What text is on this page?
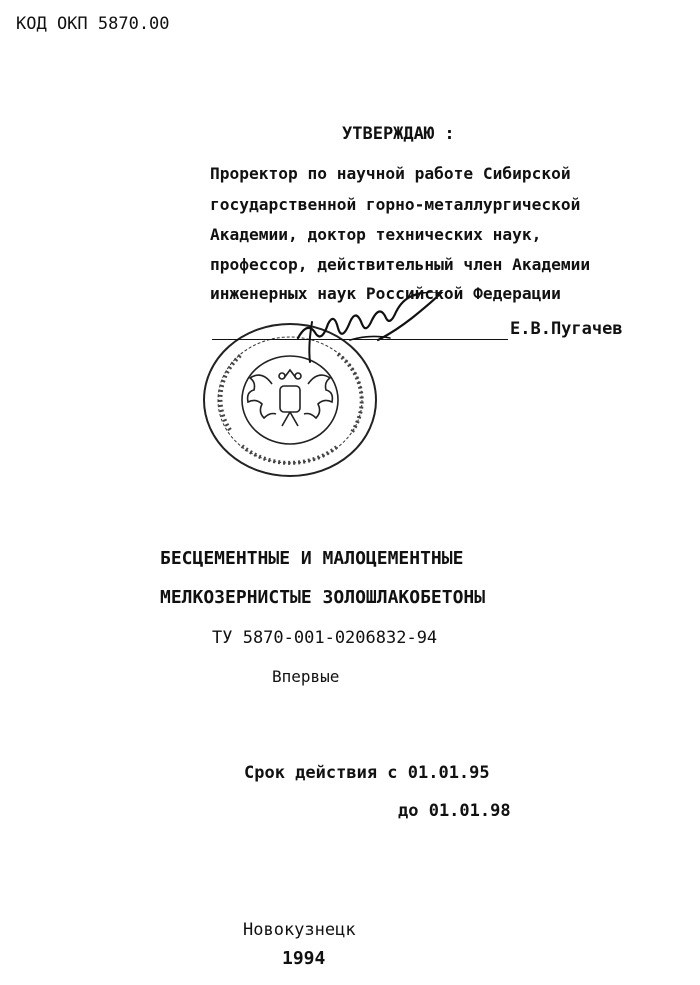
КОД ОКП 5870.00
УТВЕРЖДАЮ :
Проректор по научной работе Сибирской
государственной горно-металлургической
Академии, доктор технических наук,
профессор, действительный член Академии
инженерных наук Российской Федерации
Е.В.Пугачев
БЕСЦЕМЕНТНЫЕ И МАЛОЦЕМЕНТНЫЕ
МЕЛКОЗЕРНИСТЫЕ ЗОЛОШЛАКОБЕТОНЫ
ТУ 5870-001-0206832-94
Впервые
Срок действия с 01.01.95
до 01.01.98
Новокузнецк
1994
